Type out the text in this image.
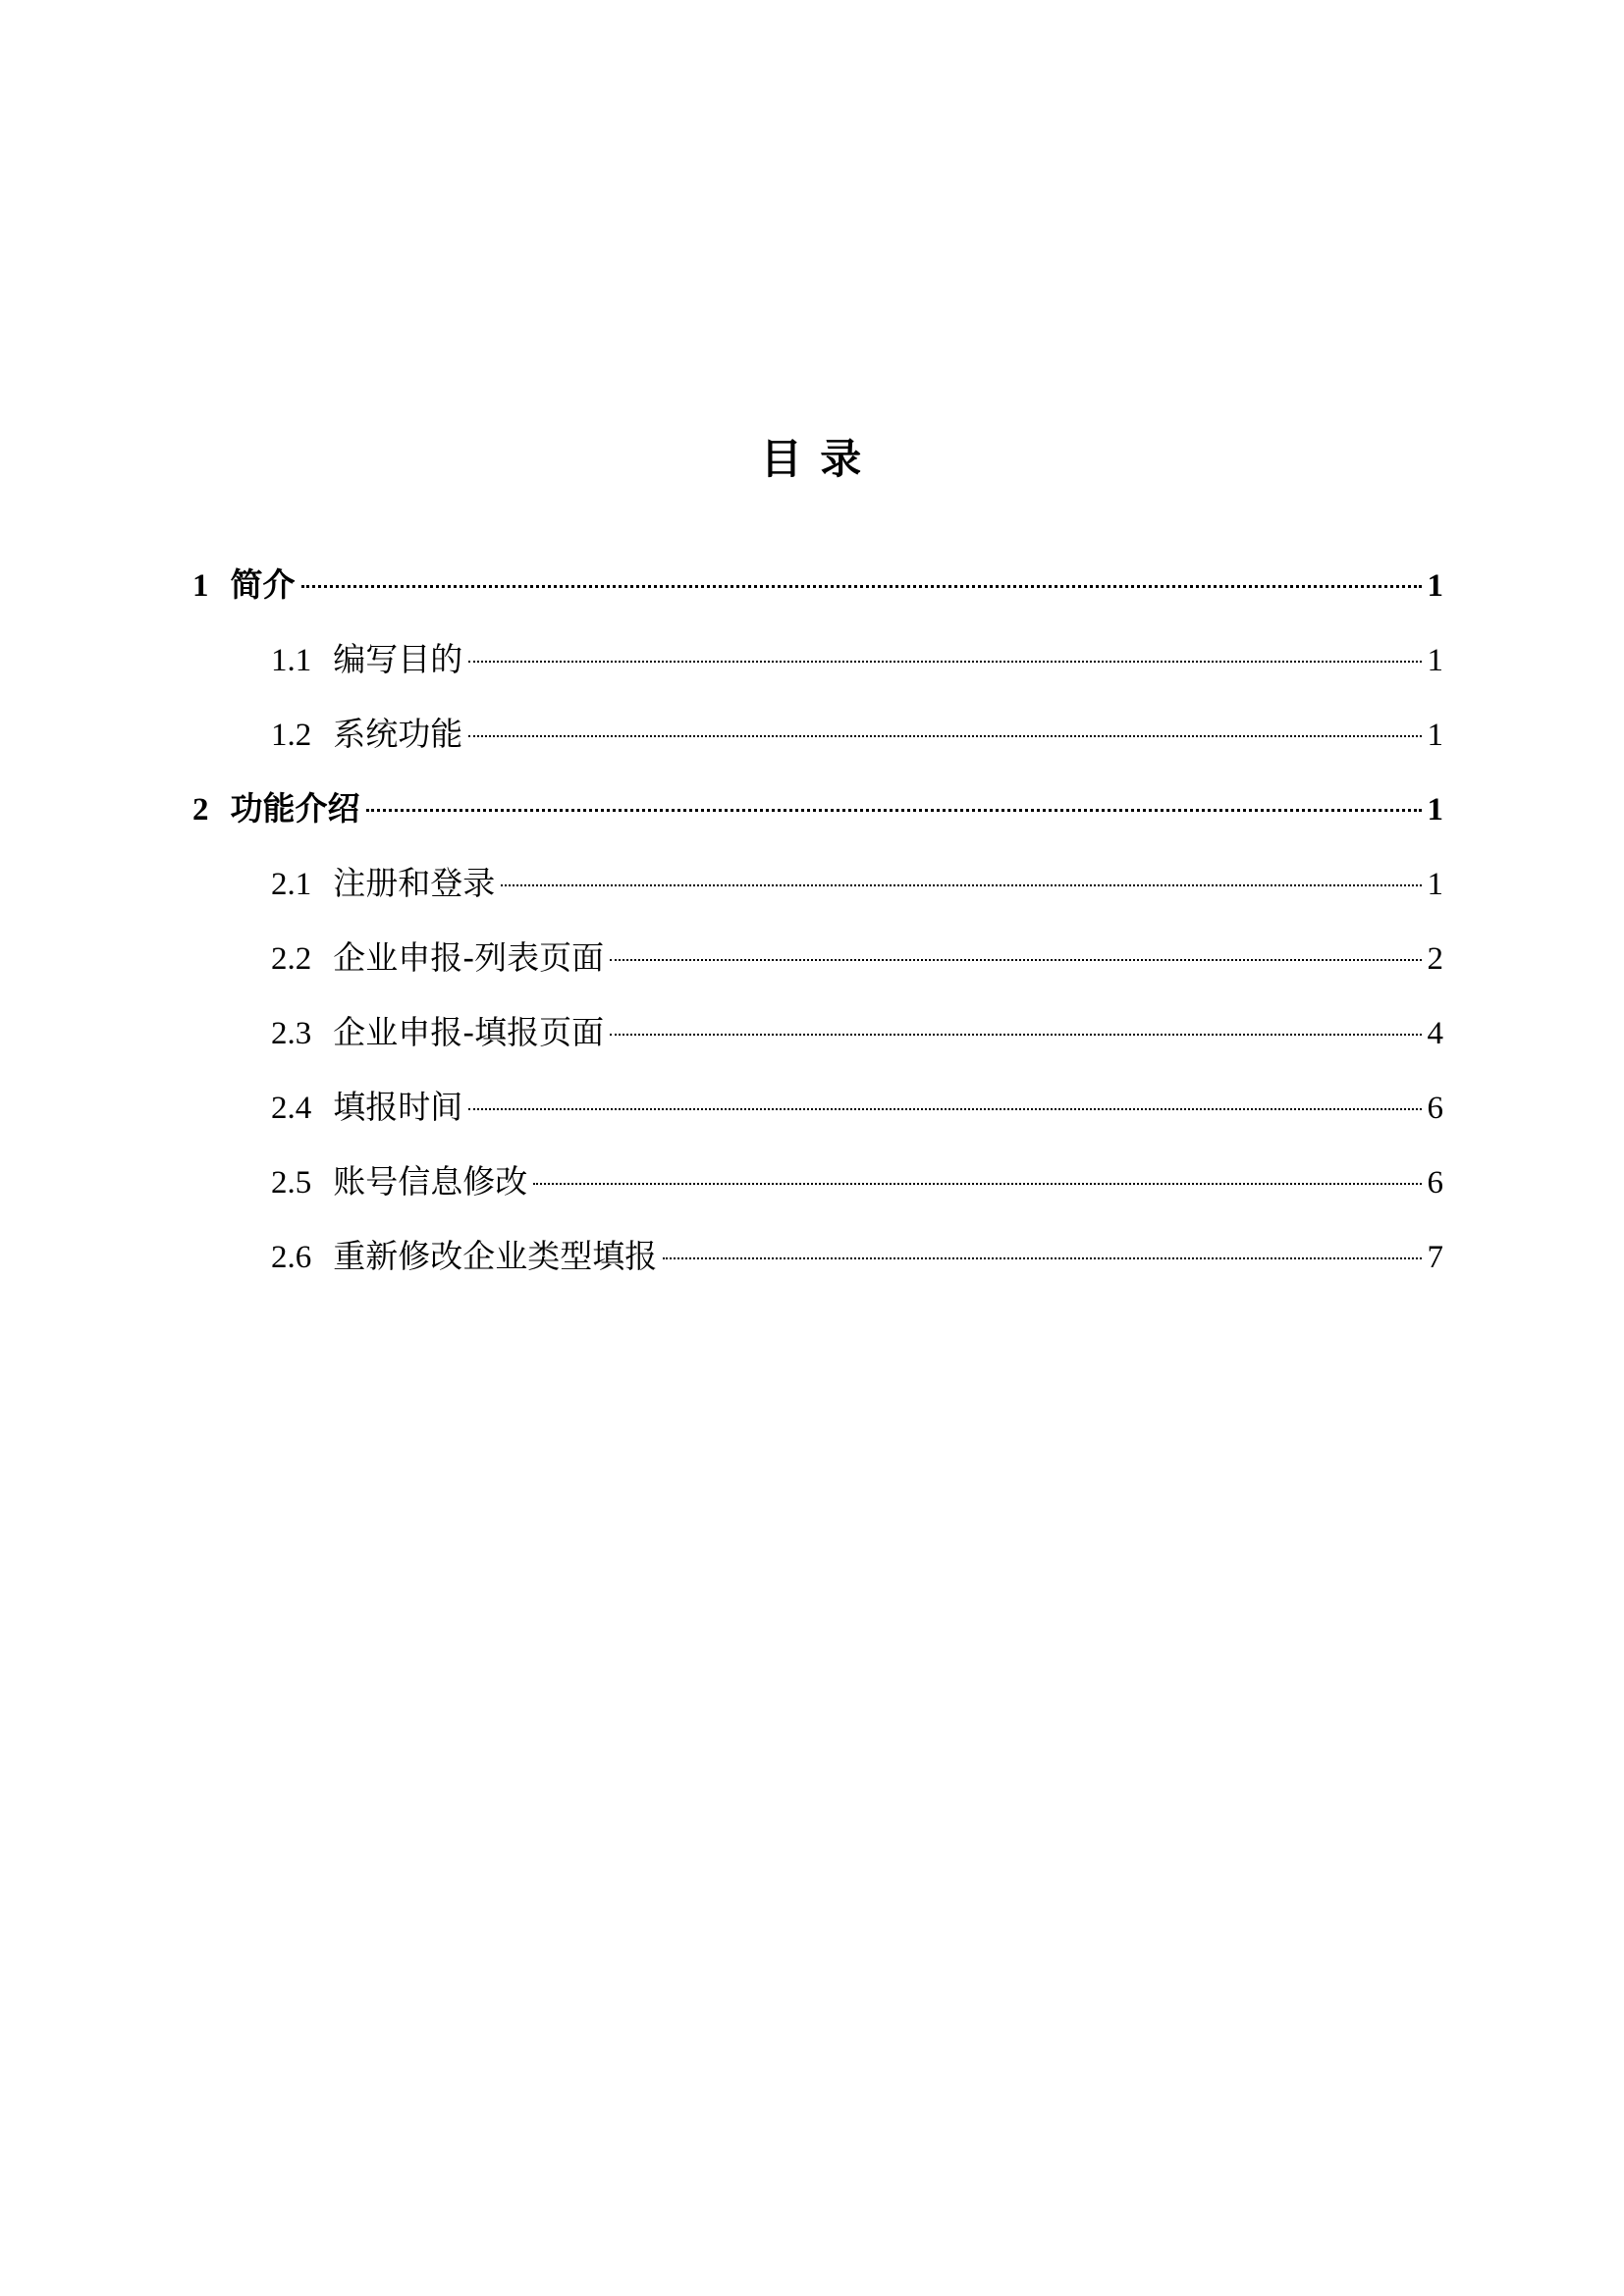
目 录
1 简介	1
1.1 编写目的	1
1.2 系统功能	1
2 功能介绍	1
2.1 注册和登录	1
2.2 企业申报-列表页面	2
2.3 企业申报-填报页面	4
2.4 填报时间	6
2.5 账号信息修改	6
2.6 重新修改企业类型填报	7
